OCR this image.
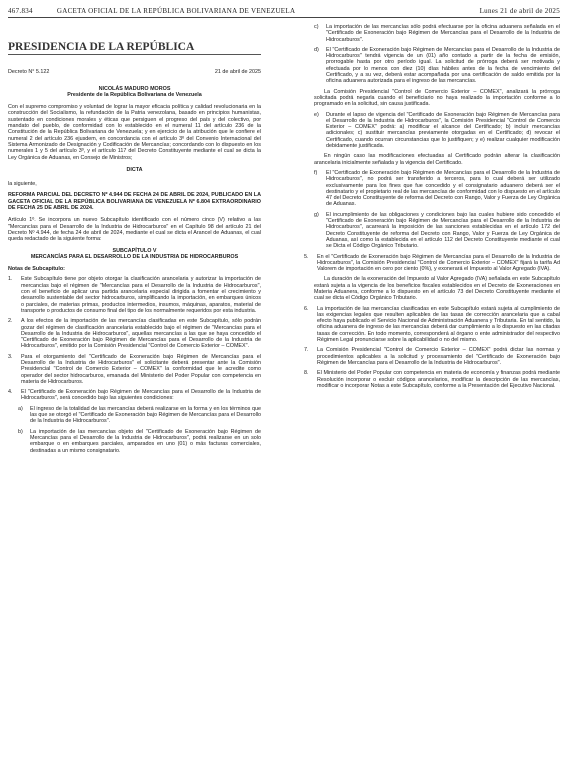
467.834	GACETA OFICIAL DE LA REPÚBLICA BOLIVARIANA DE VENEZUELA	Lunes 21 de abril de 2025
PRESIDENCIA DE LA REPÚBLICA
Decreto N° 5.122	21 de abril de 2025
NICOLÁS MADURO MOROS
Presidente de la República Bolivariana de Venezuela

Con el supremo compromiso y voluntad de lograr la mayor eficacia política y calidad revolucionaria en la construcción del Socialismo, la refundación de la Patria venezolana, basado en principios humanistas, sustentado en condiciones morales y éticas que persiguen el progreso del país y del colectivo, por mandato del pueblo, de conformidad con lo establecido en el numeral 11 del artículo 236 de la Constitución de la República Bolivariana de Venezuela; y en ejercicio de la atribución que le confiere el numeral 2 del artículo 236 ejusdem, en concordancia con el artículo 3º del Convenio Internacional del Sistema Armonizado de Designación y Codificación de Mercancías; concordando con lo dispuesto en los numerales 1 y 5 del artículo 3º, y el artículo 117 del Decreto Constituyente mediante el cual se dicta la Ley Orgánica de Aduanas, en Consejo de Ministros;

DICTA

la siguiente,

REFORMA PARCIAL DEL DECRETO Nº 4.944 DE FECHA 24 DE ABRIL DE 2024, PUBLICADO EN LA GACETA OFICIAL DE LA REPÚBLICA BOLIVARIANA DE VENEZUELA Nº 6.804 EXTRAORDINARIO DE FECHA 25 DE ABRIL DE 2024.

Artículo 1º. Se incorpora un nuevo Subcapítulo identificado con el número cinco (V) relativo a las "Mercancías para el Desarrollo de la Industria de Hidrocarburos" en el Capítulo 98 del artículo 21 del Decreto Nº 4.944, de fecha 24 de abril de 2024, mediante el cual se dicta el Arancel de Aduanas, el cual queda redactado de la siguiente forma:

SUBCAPÍTULO V
MERCANCÍAS PARA EL DESARROLLO DE LA INDUSTRIA DE HIDROCARBUROS

Notas de Subcapítulo:

1.	Este Subcapítulo tiene por objeto otorgar la clasificación arancelaria y autorizar la importación de mercancías bajo el régimen de "Mercancías para el Desarrollo de la Industria de Hidrocarburos", con el beneficio de aplicar una partida arancelaria especial dirigida a fomentar el crecimiento y desarrollo sustentable del sector hidrocarburos, simplificando la importación, en embarques únicos o parciales, de materias primas, productos intermedios, insumos, máquinas, aparatos, material de transporte o productos de consumo final del tipo de los normalmente requeridos por esta industria.
2.	A los efectos de la importación de las mercancías clasificadas en este Subcapítulo, sólo podrán gozar del régimen de clasificación arancelaria establecido bajo el régimen de "Mercancías para el Desarrollo de la Industria de Hidrocarburos", aquellas mercancías a las que se haya concedido el "Certificado de Exoneración bajo Régimen de Mercancías para el Desarrollo de la Industria de Hidrocarburos", emitido por la Comisión Presidencial "Control de Comercio Exterior – COMEX".
3.	Para el otorgamiento del "Certificado de Exoneración bajo Régimen de Mercancías para el Desarrollo de la Industria de Hidrocarburos" el solicitante deberá presentar ante la Comisión Presidencial "Control de Comercio Exterior – COMEX" la conformidad que le acredite como operador del sector hidrocarburos, emanada del Ministerio del Poder Popular con competencia en materia de Hidrocarburos.
4.	El "Certificado de Exoneración bajo Régimen de Mercancías para el Desarrollo de la Industria de Hidrocarburos", será concedido bajo las siguientes condiciones:
a)	El ingreso de la totalidad de las mercancías deberá realizarse en la forma y en los términos que las que se otorgó el "Certificado de Exoneración bajo Régimen de Mercancías para el Desarrollo de la Industria de Hidrocarburos".
b)	La importación de las mercancías objeto del "Certificado de Exoneración bajo Régimen de Mercancías para el Desarrollo de la Industria de Hidrocarburos", podrá realizarse en un solo embarque o en embarques parciales, amparados en uno (01) o más facturas comerciales, destinadas a un mismo consignatario.
c)	La importación de las mercancías sólo podrá efectuarse por la oficina aduanera señalada en el "Certificado de Exoneración bajo Régimen de Mercancías para el Desarrollo de la Industria de Hidrocarburos".
d)	El "Certificado de Exoneración bajo Régimen de Mercancías para el Desarrollo de la Industria de Hidrocarburos" tendrá vigencia de un (01) año contado a partir de la fecha de emisión, prorrogable hasta por otro período igual. La solicitud de prórroga deberá ser motivada y efectuada por lo menos con diez (10) días hábiles antes de la fecha de vencimiento del Certificado, y a su vez, deberá estar acompañada por una certificación de saldo emitida por la oficina aduanera autorizada para el ingreso de las mercancías.

La Comisión Presidencial "Control de Comercio Exterior – COMEX", analizará la prórroga solicitada podrá negarla cuando el beneficiario no haya realizado la importación conforme a lo programado en la solicitud, sin causa justificada.

e)	Durante el lapso de vigencia del "Certificado de Exoneración bajo Régimen de Mercancías para el Desarrollo de la Industria de Hidrocarburos", la Comisión Presidencial "Control de Comercio Exterior – COMEX" podrá: a) modificar el alcance del Certificado; b) incluir mercancías adicionales; c) sustituir mercancías previamente otorgadas en el Certificado; d) revocar el Certificado, cuando ocurran circunstancias que lo justifiquen; y e) realizar cualquier modificación debidamente justificada.

En ningún caso las modificaciones efectuadas al Certificado podrán alterar la clasificación arancelaria inicialmente señalada y la vigencia del Certificado.

f)	El "Certificado de Exoneración bajo Régimen de Mercancías para el Desarrollo de la Industria de Hidrocarburos", no podrá ser transferido a terceros, para lo cual deberá ser utilizado exclusivamente para los fines que fue concedido y el consignatario aduanero deberá ser el destinatario y el propietario real de las mercancías de conformidad con lo dispuesto en el artículo 47 del Decreto Constituyente de reforma del Decreto con Rango, Valor y Fuerza de Ley Orgánica de Aduanas.
g)	El incumplimiento de las obligaciones y condiciones bajo las cuales hubiere sido concedido el "Certificado de Exoneración bajo Régimen de Mercancías para el Desarrollo de la Industria de Hidrocarburos", acarreará la imposición de las sanciones establecidas en el artículo 172 del Decreto Constituyente de reforma del Decreto con Rango, Valor y Fuerza de Ley Orgánica de Aduanas, así como la establecida en el artículo 112 del Decreto Constituyente mediante el cual se Dicta el Código Orgánico Tributario.
5.	En el "Certificado de Exoneración bajo Régimen de Mercancías para el Desarrollo de la Industria de Hidrocarburos", la Comisión Presidencial "Control de Comercio Exterior – COMEX" fijará la tarifa Ad Valorem de importación en cero por ciento (0%), y exonerará el Impuesto al Valor Agregado (IVA).

La duración de la exoneración del Impuesto al Valor Agregado (IVA) señalada en este Subcapítulo estará sujeta a la vigencia de los beneficios fiscales establecidos en el Decreto de Exoneraciones en Materia Aduanera, conforme a lo dispuesto en el artículo 73 del Decreto Constituyente mediante el cual se dicta el Código Orgánico Tributario.

6.	La importación de las mercancías clasificadas en este Subcapítulo estará sujeta al cumplimiento de las exigencias legales que resulten aplicables de las tasas de corrección arancelaria que a cabal efecto haya publicado el Servicio Nacional de Administración Aduanera y Tributaria. En tal sentido, la oficina aduanera de ingreso de las mercancías deberá dar cumplimiento a lo dispuesto en las citadas tasas de corrección. En todo momento, corresponderá al órgano o ente administrador del respectivo Régimen Legal pronunciarse sobre la aplicabilidad o no del mismo.
7.	La Comisión Presidencial "Control de Comercio Exterior – COMEX" podrá dictar las normas y procedimientos aplicables a la solicitud y procesamiento del "Certificado de Exoneración bajo Régimen de Mercancías para el Desarrollo de la Industria de Hidrocarburos".
8.	El Ministerio del Poder Popular con competencia en materia de economía y finanzas podrá mediante Resolución incorporar o excluir códigos arancelarios, modificar la descripción de las mercancías, modificar o incorporar Notas a este Subcapítulo, conforme a la Presentación del Ejecutivo Nacional.
